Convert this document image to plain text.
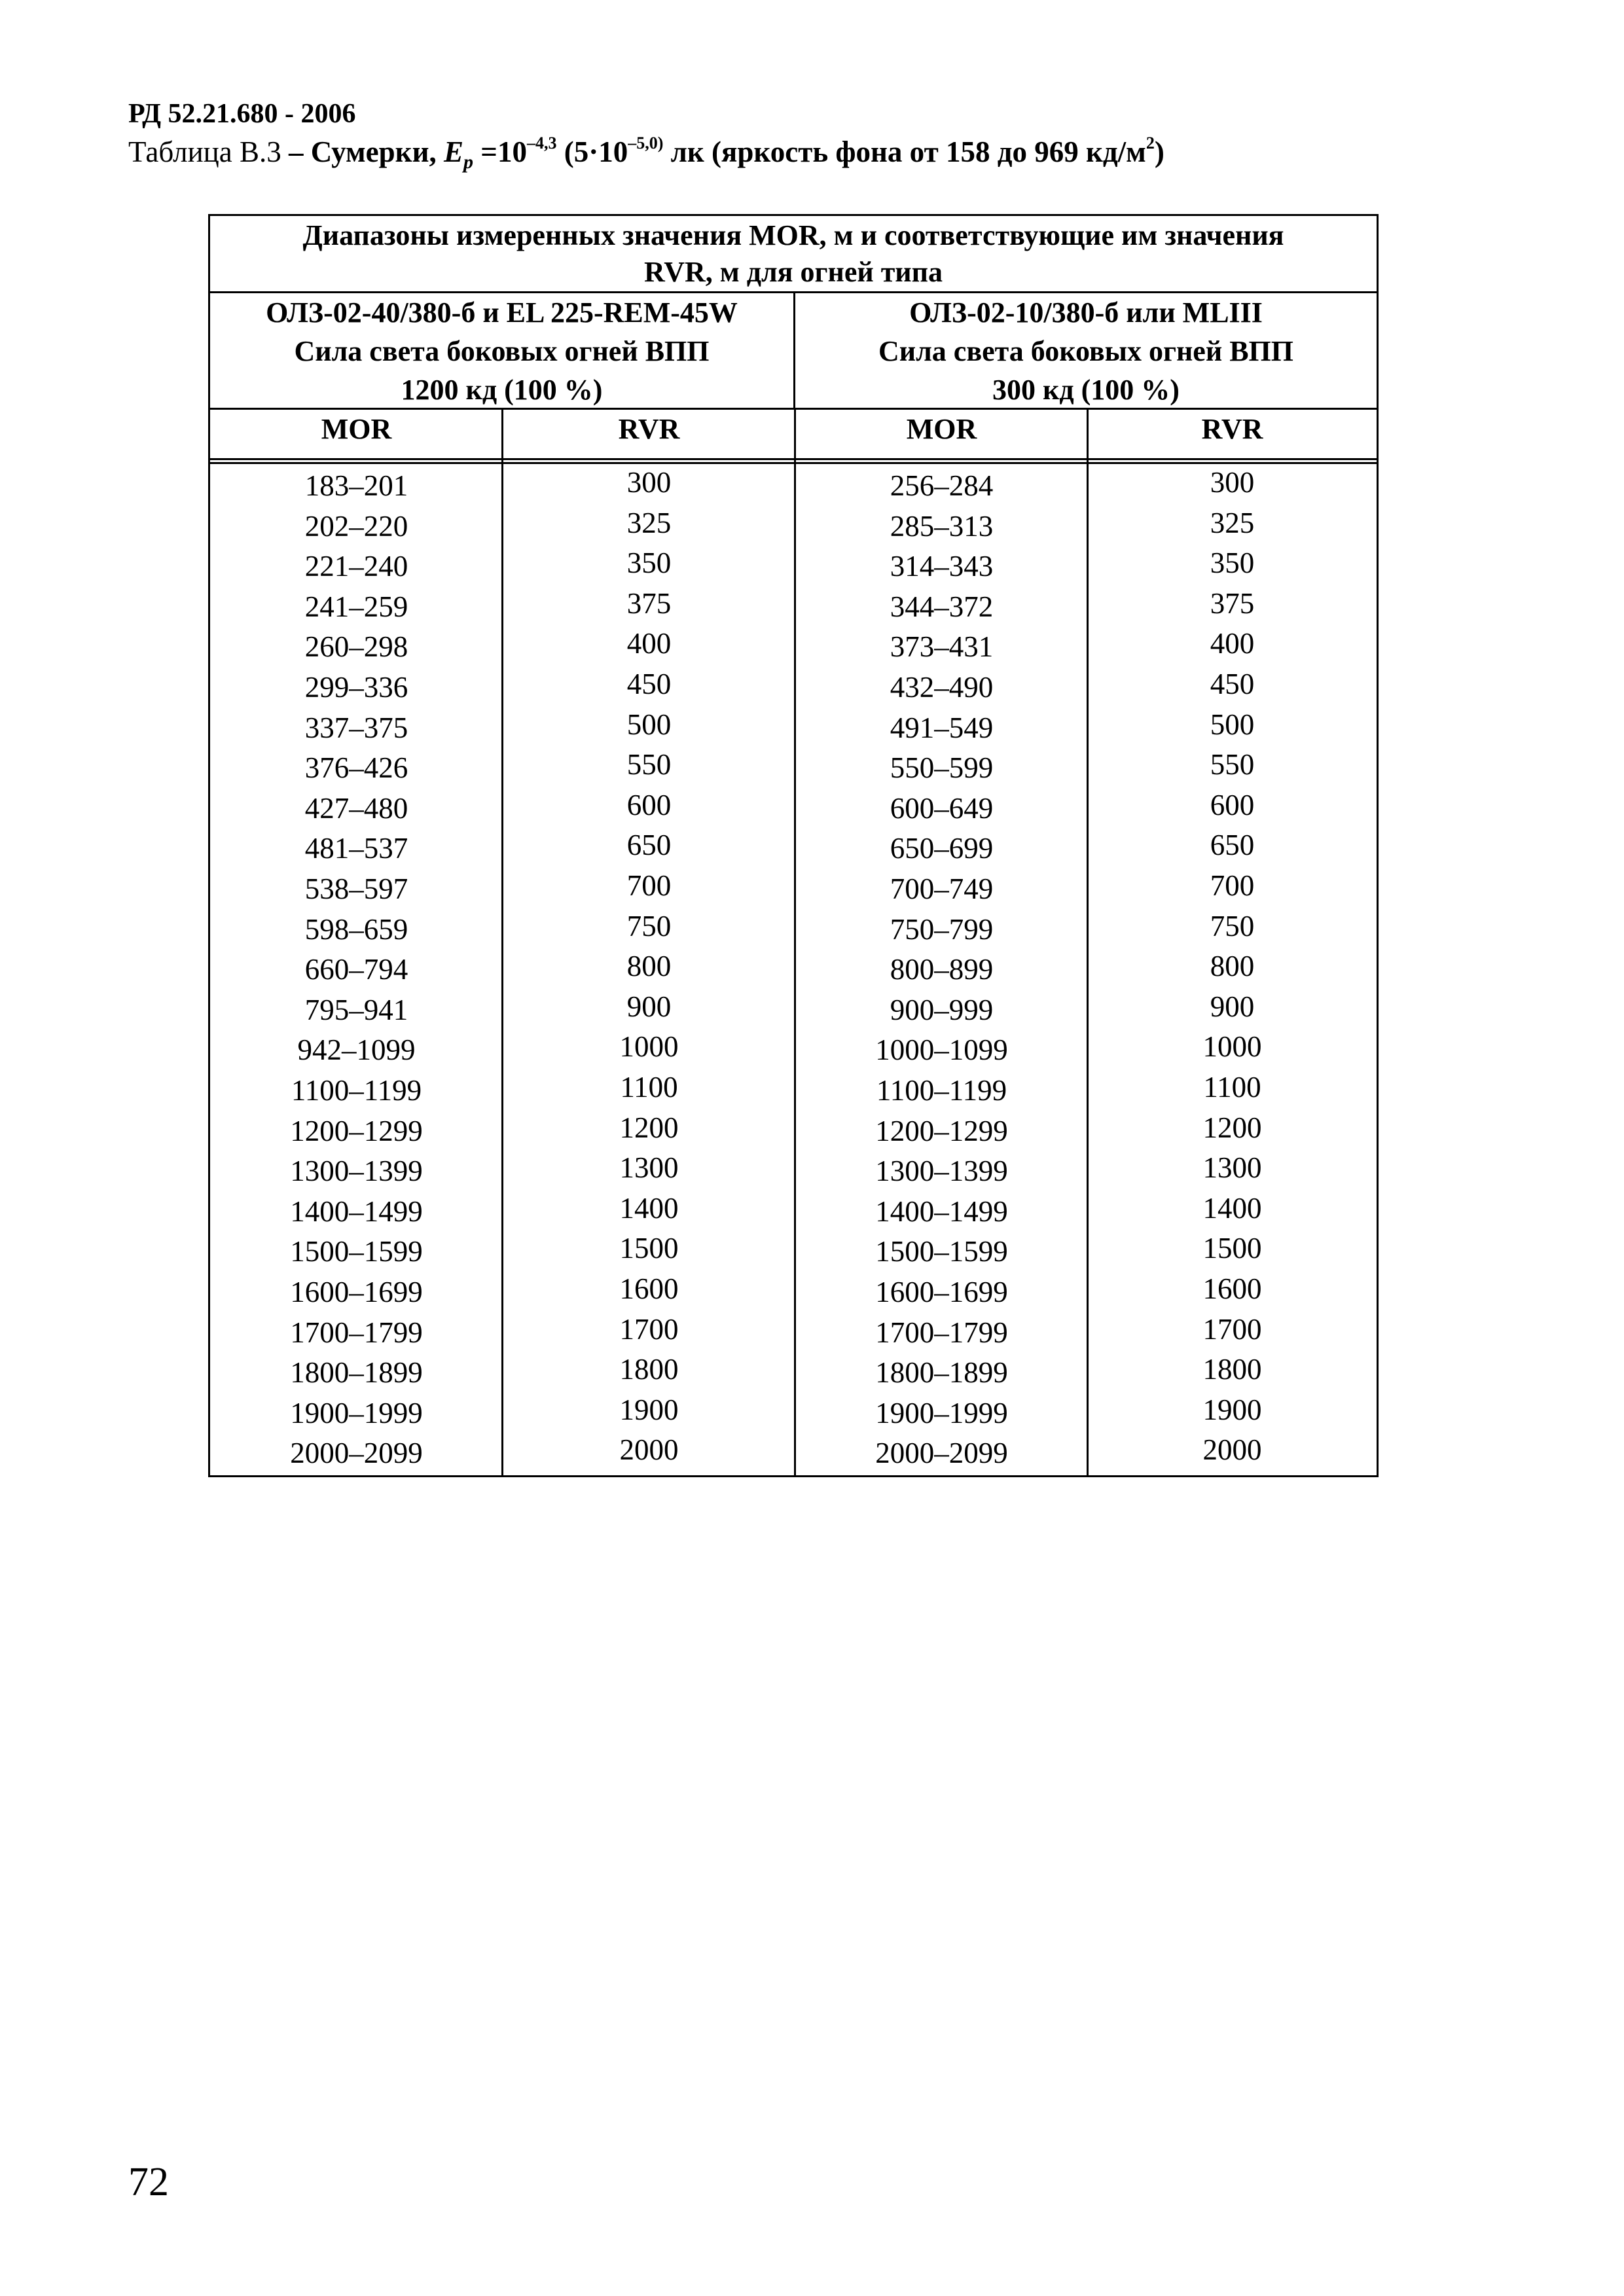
РД 52.21.680 - 2006
Таблица В.3 – Сумерки, $E_p =10^{-4,3}$ ($5\cdot 10^{-5,0)}$ лк (яркость фона от 158 до 969 $кд/м^2$)
Диапазоны измеренных значения MOR, м и соответствующие им значения
RVR, м для огней типа
ОЛЗ-02-40/380-б и EL 225-REM-45W
Сила света боковых огней ВПП
1200 кд (100 %)
ОЛЗ-02-10/380-б или MLIII
Сила света боковых огней ВПП
300 кд (100 %)
MOR	RVR	MOR	RVR
183–201	300	256–284	300
202–220	325	285–313	325
221–240	350	314–343	350
241–259	375	344–372	375
260–298	400	373–431	400
299–336	450	432–490	450
337–375	500	491–549	500
376–426	550	550–599	550
427–480	600	600–649	600
481–537	650	650–699	650
538–597	700	700–749	700
598–659	750	750–799	750
660–794	800	800–899	800
795–941	900	900–999	900
942–1099	1000	1000–1099	1000
1100–1199	1100	1100–1199	1100
1200–1299	1200	1200–1299	1200
1300–1399	1300	1300–1399	1300
1400–1499	1400	1400–1499	1400
1500–1599	1500	1500–1599	1500
1600–1699	1600	1600–1699	1600
1700–1799	1700	1700–1799	1700
1800–1899	1800	1800–1899	1800
1900–1999	1900	1900–1999	1900
2000–2099	2000	2000–2099	2000
72
